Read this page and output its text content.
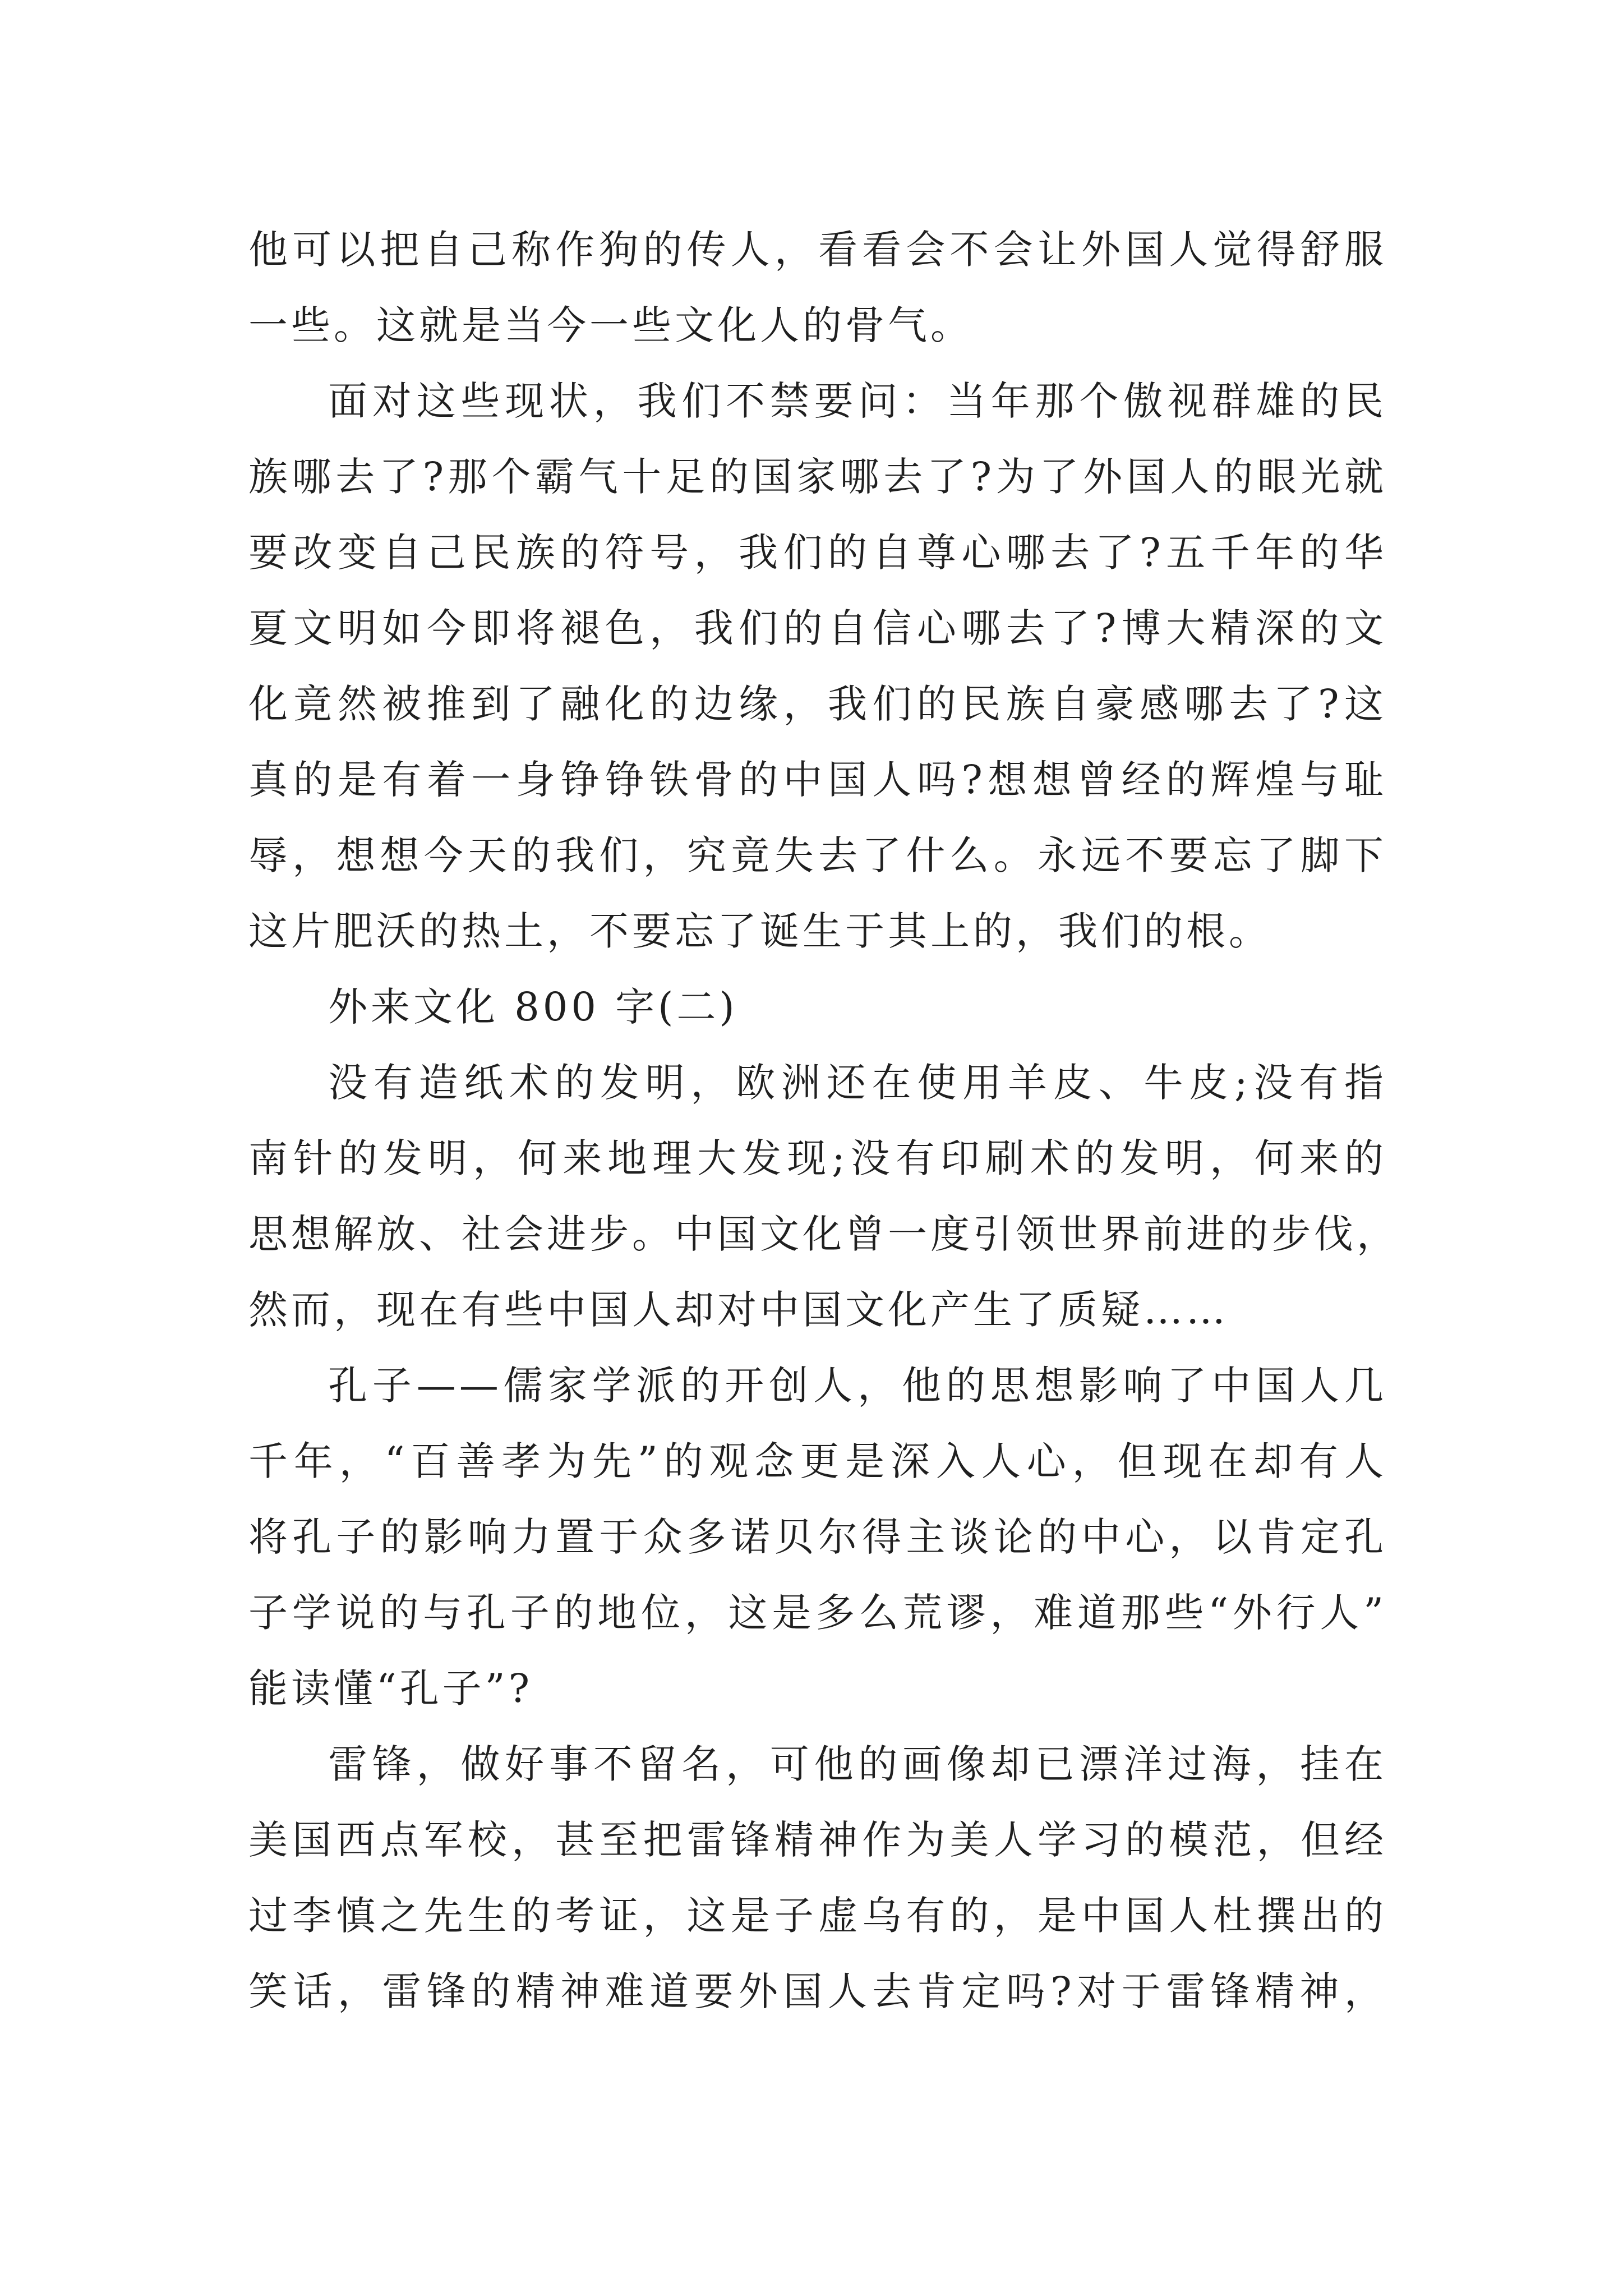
他可以把自己称作狗的传人，看看会不会让外国人觉得舒服
一些。这就是当今一些文化人的骨气。
面对这些现状，我们不禁要问：当年那个傲视群雄的民
族哪去了?那个霸气十足的国家哪去了?为了外国人的眼光就
要改变自己民族的符号，我们的自尊心哪去了?五千年的华
夏文明如今即将褪色，我们的自信心哪去了?博大精深的文
化竟然被推到了融化的边缘，我们的民族自豪感哪去了?这
真的是有着一身铮铮铁骨的中国人吗?想想曾经的辉煌与耻
辱，想想今天的我们，究竟失去了什么。永远不要忘了脚下
这片肥沃的热土，不要忘了诞生于其上的，我们的根。
外来文化 800 字(二)
没有造纸术的发明，欧洲还在使用羊皮、牛皮;没有指
南针的发明，何来地理大发现;没有印刷术的发明，何来的
思想解放、社会进步。中国文化曾一度引领世界前进的步伐，
然而，现在有些中国人却对中国文化产生了质疑……
孔子——儒家学派的开创人，他的思想影响了中国人几
千年，“百善孝为先”的观念更是深入人心，但现在却有人
将孔子的影响力置于众多诺贝尔得主谈论的中心，以肯定孔
子学说的与孔子的地位，这是多么荒谬，难道那些“外行人”
能读懂“孔子”?
雷锋，做好事不留名，可他的画像却已漂洋过海，挂在
美国西点军校，甚至把雷锋精神作为美人学习的模范，但经
过李慎之先生的考证，这是子虚乌有的，是中国人杜撰出的
笑话，雷锋的精神难道要外国人去肯定吗?对于雷锋精神，
